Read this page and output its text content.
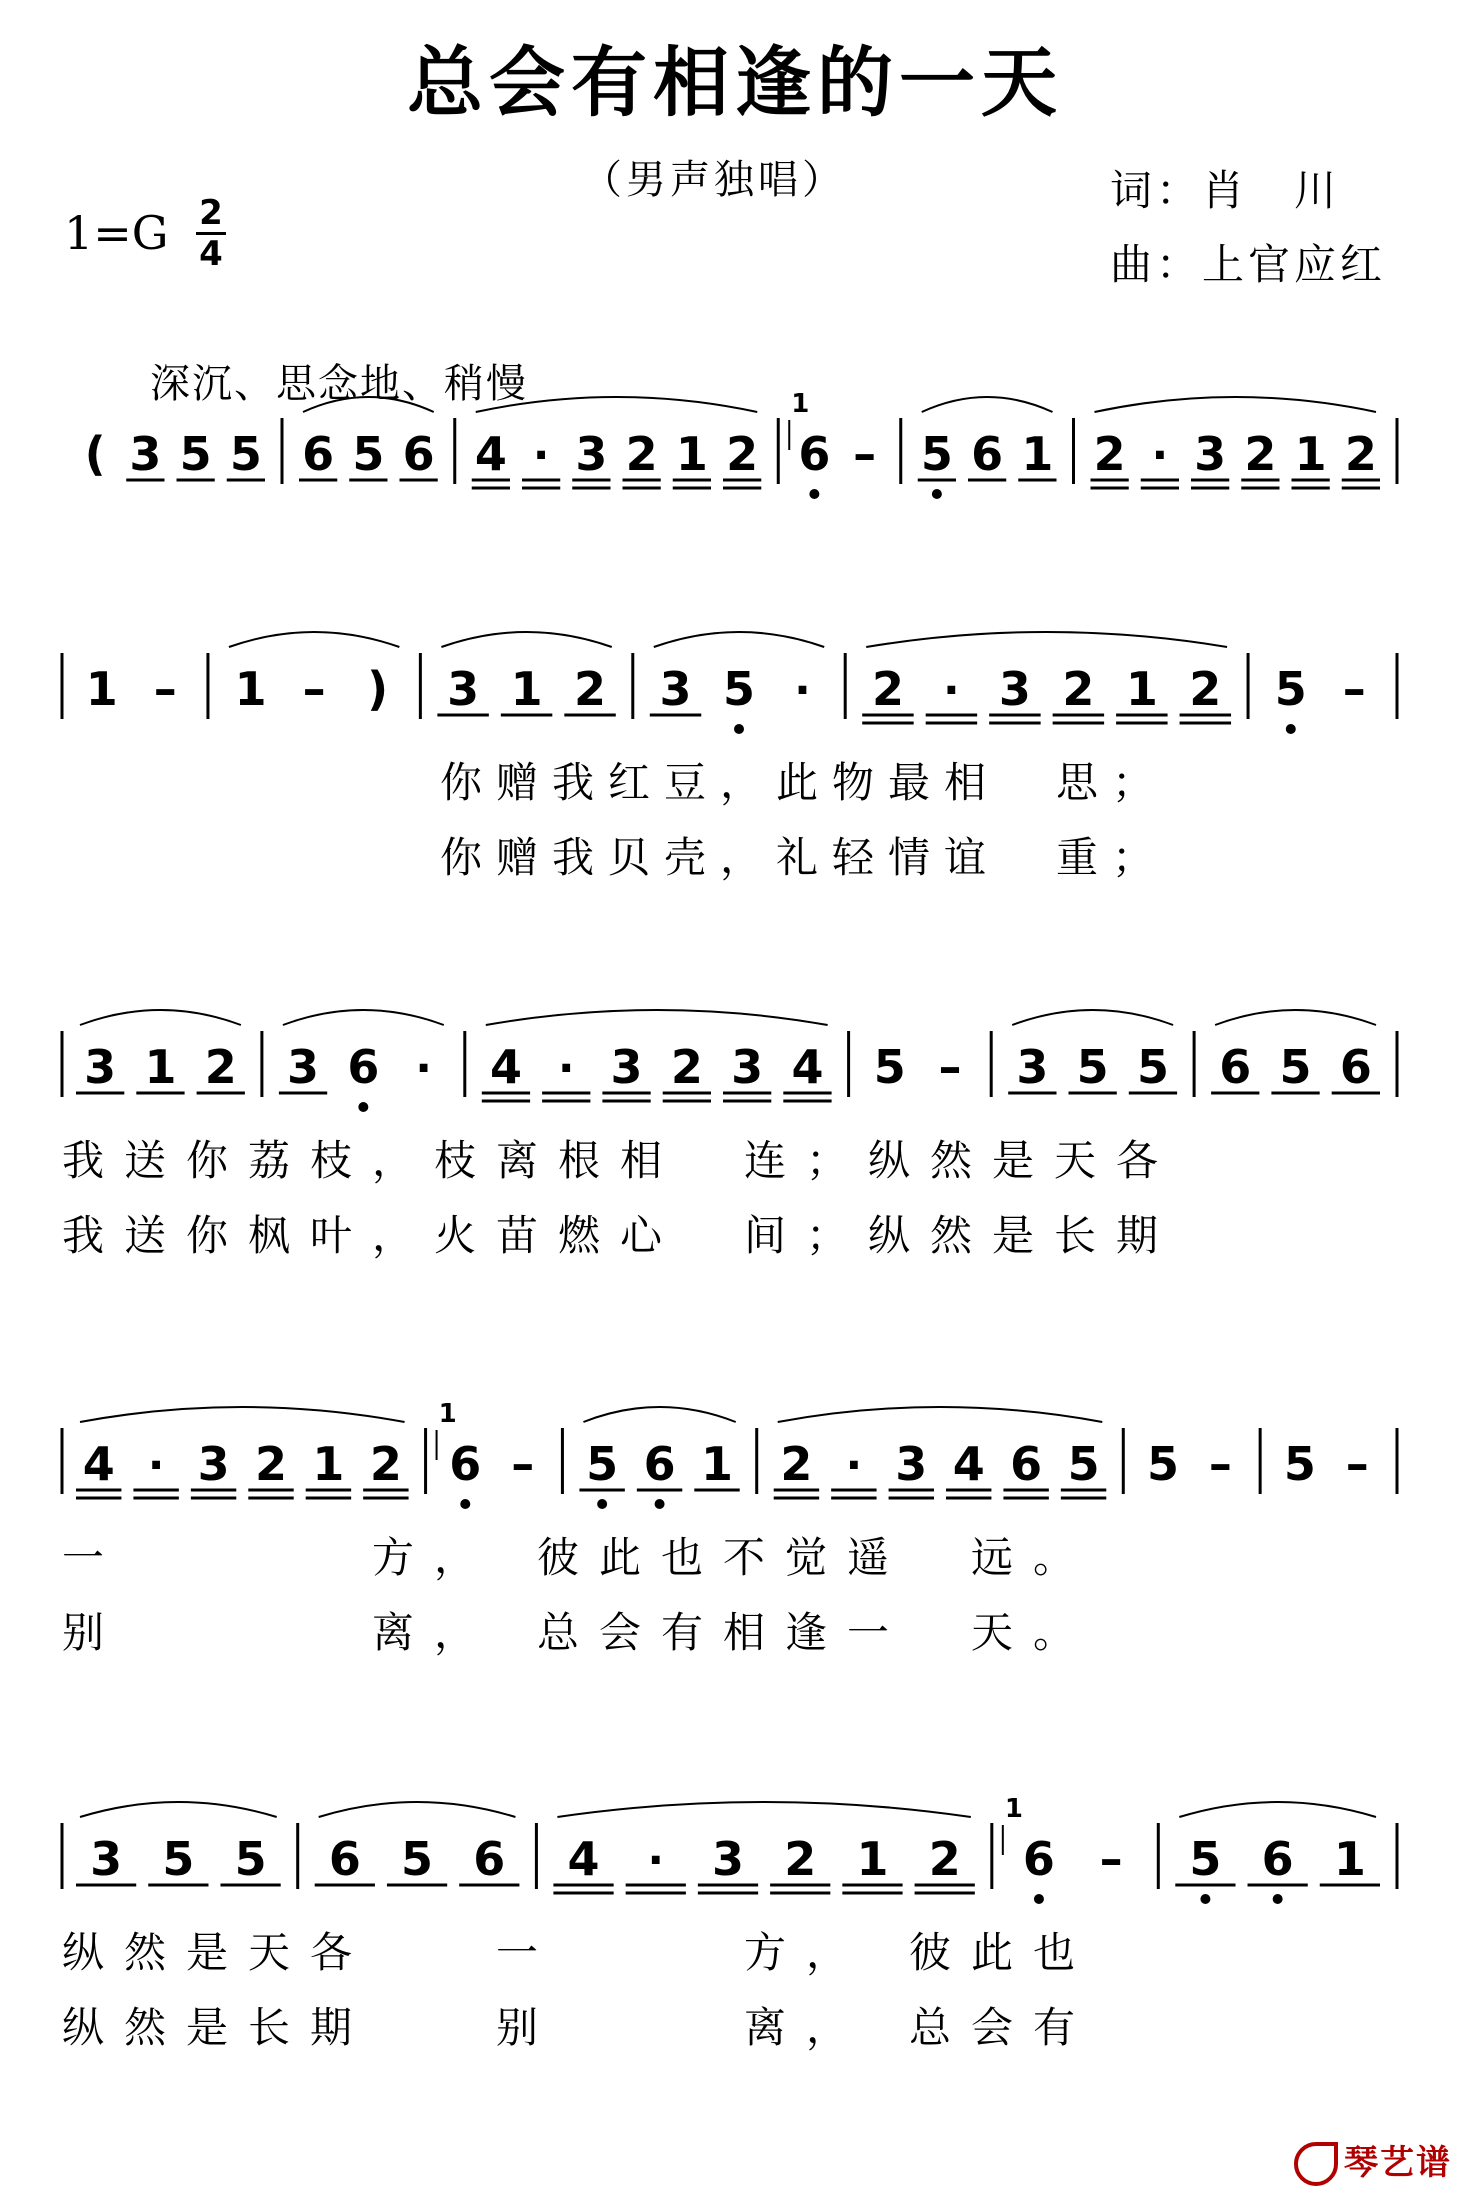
总会有相逢的一天
（男声独唱）	词：肖　川
曲：上官应红
1=G 2
4
深沉、思念地、稍慢
( 3 5 5 6 5 6 4 · 3 2 1 2 6 –
1
5 6 1 2 · 3 2 1 2
1 – 1 – ) 3 1 2 3 5 · 2 · 3 2 1 2 5 –
3 1 2 3 6 · 4 · 3 2 3 4 5 – 3 5 5 6 5 6
4 · 3 2 1 2 6 –
1
5 6 1 2 · 3 4 6 5 5 – 5 –
3 5 5 6 5 6 4 · 3 2 1 2 6 –
1
5 6 1
你赠我红豆，此物最相　思；
你赠我贝壳，礼轻情谊　重；
我送你荔枝，枝离根相　连；纵然是天各
我送你枫叶，火苗燃心　间；纵然是长期
一　　　　方，　彼此也不觉遥　远。
别　　　　离，　总会有相逢一　天。
纵然是天各　　一　　　方，　彼此也
纵然是长期　　别　　　离，　总会有
琴艺谱
